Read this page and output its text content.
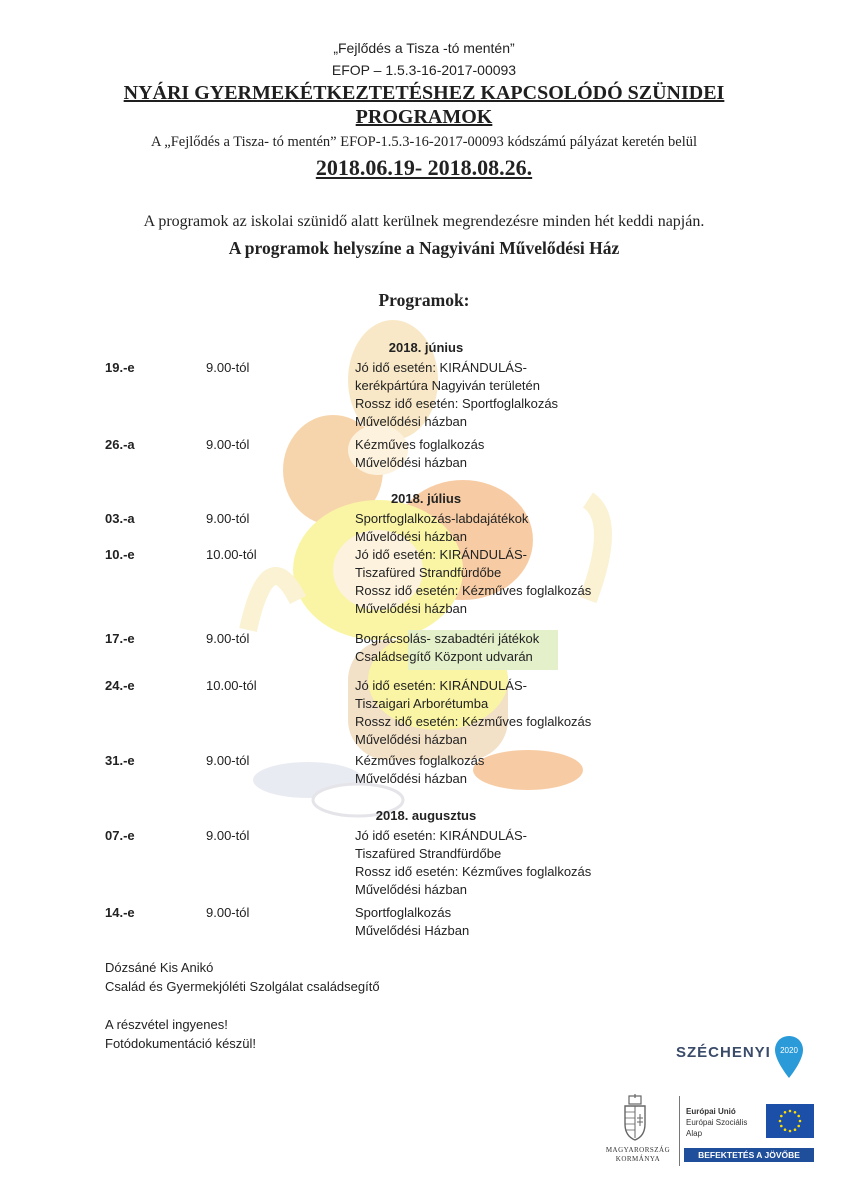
„Fejlődés a Tisza -tó mentén”
EFOP – 1.5.3-16-2017-00093
NYÁRI GYERMEKÉTKEZTETÉSHEZ KAPCSOLÓDÓ SZÜNIDEI
PROGRAMOK
A „Fejlődés a Tisza- tó mentén” EFOP-1.5.3-16-2017-00093 kódszámú pályázat keretén belül
2018.06.19- 2018.08.26.
A programok az iskolai szünidő alatt kerülnek megrendezésre minden hét keddi napján.
A programok helyszíne a Nagyiváni Művelődési Ház
Programok:
2018. június
19.-e	9.00-tól	Jó idő esetén: KIRÁNDULÁS-
kerékpártúra Nagyiván területén
Rossz idő esetén: Sportfoglalkozás
Művelődési házban
26.-a	9.00-tól	Kézműves foglalkozás
Művelődési házban
2018. július
03.-a	9.00-tól	Sportfoglalkozás-labdajátékok
Művelődési házban
10.-e	10.00-tól	Jó idő esetén: KIRÁNDULÁS-
Tiszafüred Strandfürdőbe
Rossz idő esetén: Kézműves foglalkozás
Művelődési házban
17.-e	9.00-tól	Bográcsolás- szabadtéri játékok
Családsegítő Központ udvarán
24.-e	10.00-tól	Jó idő esetén: KIRÁNDULÁS-
Tiszaigari Arborétumba
Rossz idő esetén: Kézműves foglalkozás
Művelődési házban
31.-e	9.00-tól	Kézműves foglalkozás
Művelődési házban
2018. augusztus
07.-e	9.00-tól	Jó idő esetén: KIRÁNDULÁS-
Tiszafüred Strandfürdőbe
Rossz idő esetén: Kézműves foglalkozás
Művelődési házban
14.-e	9.00-tól	Sportfoglalkozás
Művelődési Házban
Dózsáné Kis Anikó
Család és Gyermekjóléti Szolgálat családsegítő
A részvétel ingyenes!
Fotódokumentáció készül!
SZÉCHENYI	2020
MAGYARORSZÁG
KORMÁNYA
Európai Unió
Európai Szociális
Alap
BEFEKTETÉS A JÖVŐBE
